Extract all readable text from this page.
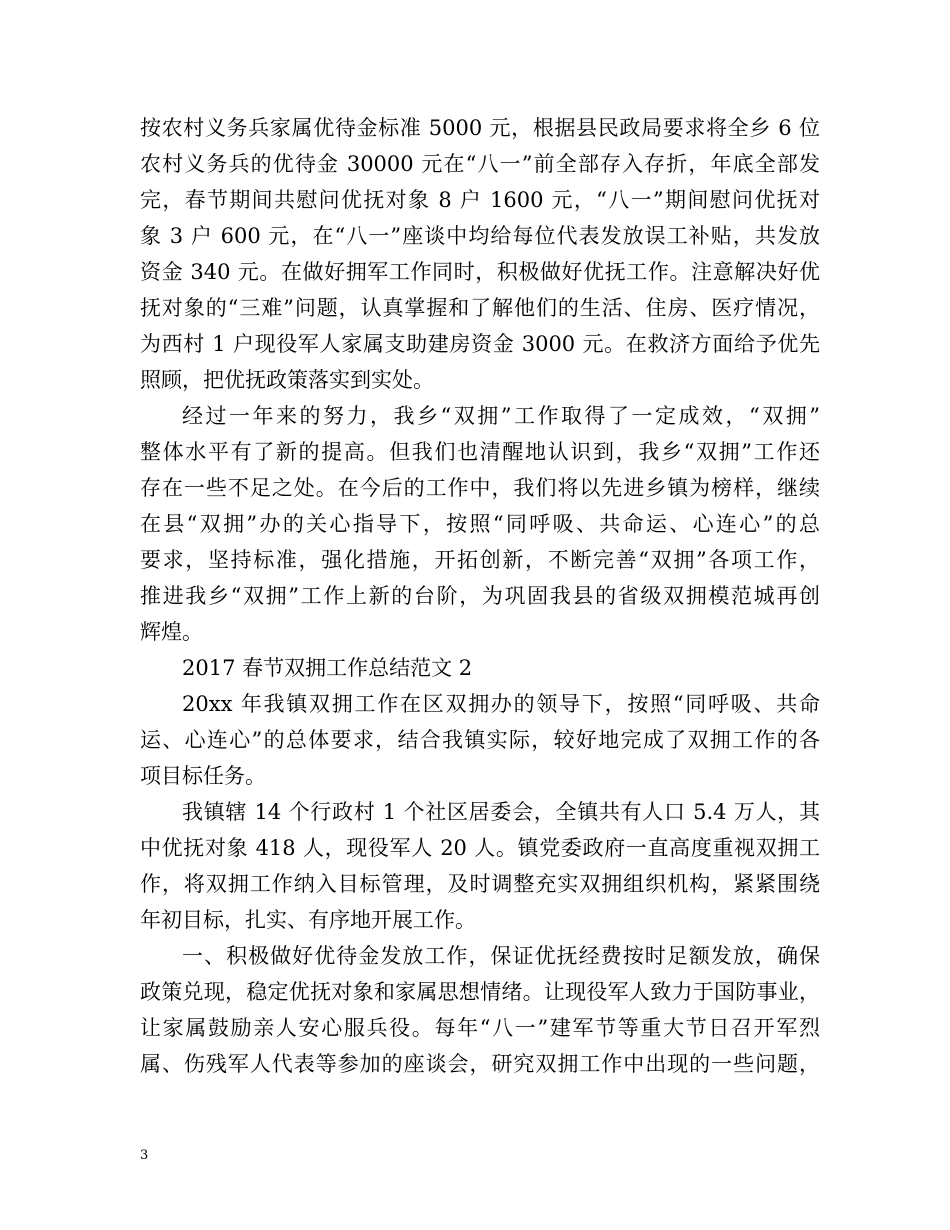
按农村义务兵家属优待金标准 5000 元，根据县民政局要求将全乡 6 位
农村义务兵的优待金 30000 元在“八一”前全部存入存折，年底全部发
完，春节期间共慰问优抚对象 8 户 1600 元，“八一”期间慰问优抚对
象 3 户 600 元，在“八一”座谈中均给每位代表发放误工补贴，共发放
资金 340 元。在做好拥军工作同时，积极做好优抚工作。注意解决好优
抚对象的“三难”问题，认真掌握和了解他们的生活、住房、医疗情况，
为西村 1 户现役军人家属支助建房资金 3000 元。在救济方面给予优先
照顾，把优抚政策落实到实处。
经过一年来的努力，我乡“双拥”工作取得了一定成效，“双拥”
整体水平有了新的提高。但我们也清醒地认识到，我乡“双拥”工作还
存在一些不足之处。在今后的工作中，我们将以先进乡镇为榜样，继续
在县“双拥”办的关心指导下，按照“同呼吸、共命运、心连心”的总
要求，坚持标准，强化措施，开拓创新，不断完善“双拥”各项工作，
推进我乡“双拥”工作上新的台阶，为巩固我县的省级双拥模范城再创
辉煌。
2017 春节双拥工作总结范文 2
20xx 年我镇双拥工作在区双拥办的领导下，按照“同呼吸、共命
运、心连心”的总体要求，结合我镇实际，较好地完成了双拥工作的各
项目标任务。
我镇辖 14 个行政村 1 个社区居委会，全镇共有人口 5.4 万人，其
中优抚对象 418 人，现役军人 20 人。镇党委政府一直高度重视双拥工
作，将双拥工作纳入目标管理，及时调整充实双拥组织机构，紧紧围绕
年初目标，扎实、有序地开展工作。
一、积极做好优待金发放工作，保证优抚经费按时足额发放，确保
政策兑现，稳定优抚对象和家属思想情绪。让现役军人致力于国防事业，
让家属鼓励亲人安心服兵役。每年“八一”建军节等重大节日召开军烈
属、伤残军人代表等参加的座谈会，研究双拥工作中出现的一些问题，
3
